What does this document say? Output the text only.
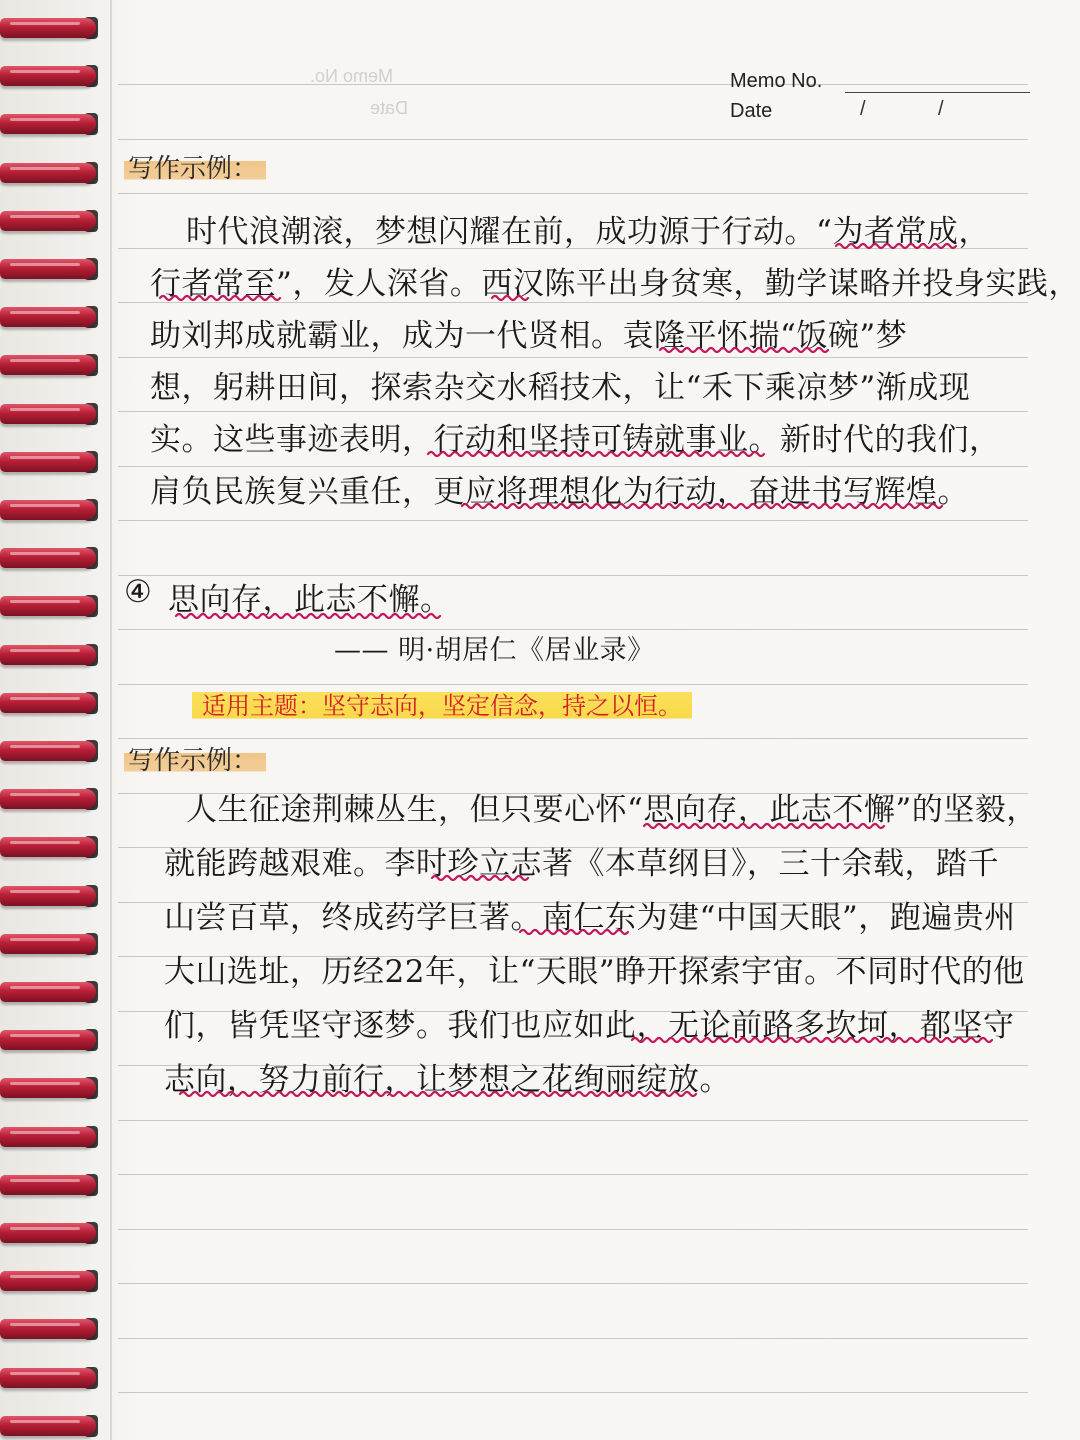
Memo No.
Date
Memo No.
Date	/	/
写作示例：
时代浪潮滚，梦想闪耀在前，成功源于行动。“为者常成，
行者常至”，发人深省。西汉陈平出身贫寒，勤学谋略并投身实践，
助刘邦成就霸业，成为一代贤相。袁隆平怀揣“饭碗”梦
想，躬耕田间，探索杂交水稻技术，让“禾下乘凉梦”渐成现
实。这些事迹表明，行动和坚持可铸就事业。新时代的我们，
肩负民族复兴重任，更应将理想化为行动，奋进书写辉煌。
④ 思向存，此志不懈。
—— 明·胡居仁《居业录》
适用主题：坚守志向，坚定信念，持之以恒。
写作示例：
人生征途荆棘丛生，但只要心怀“思向存，此志不懈”的坚毅，
就能跨越艰难。李时珍立志著《本草纲目》，三十余载，踏千
山尝百草，终成药学巨著。南仁东为建“中国天眼”，跑遍贵州
大山选址，历经22年，让“天眼”睁开探索宇宙。不同时代的他
们，皆凭坚守逐梦。我们也应如此，无论前路多坎坷，都坚守
志向，努力前行，让梦想之花绚丽绽放。
